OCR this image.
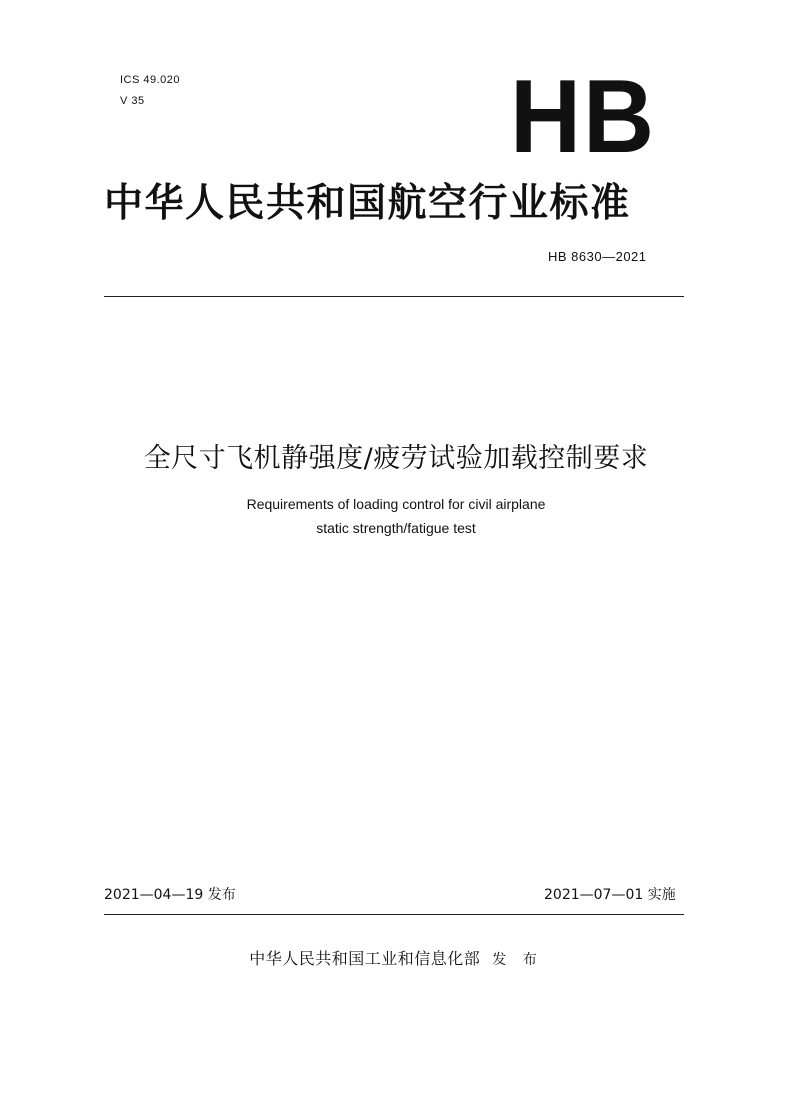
ICS 49.020
V 35	HB
中华人民共和国航空行业标准
HB 8630—2021
全尺寸飞机静强度/疲劳试验加载控制要求
Requirements of loading control for civil airplane
static strength/fatigue test
2021—04—19 发布	2021—07—01 实施
中华人民共和国工业和信息化部 发 布
